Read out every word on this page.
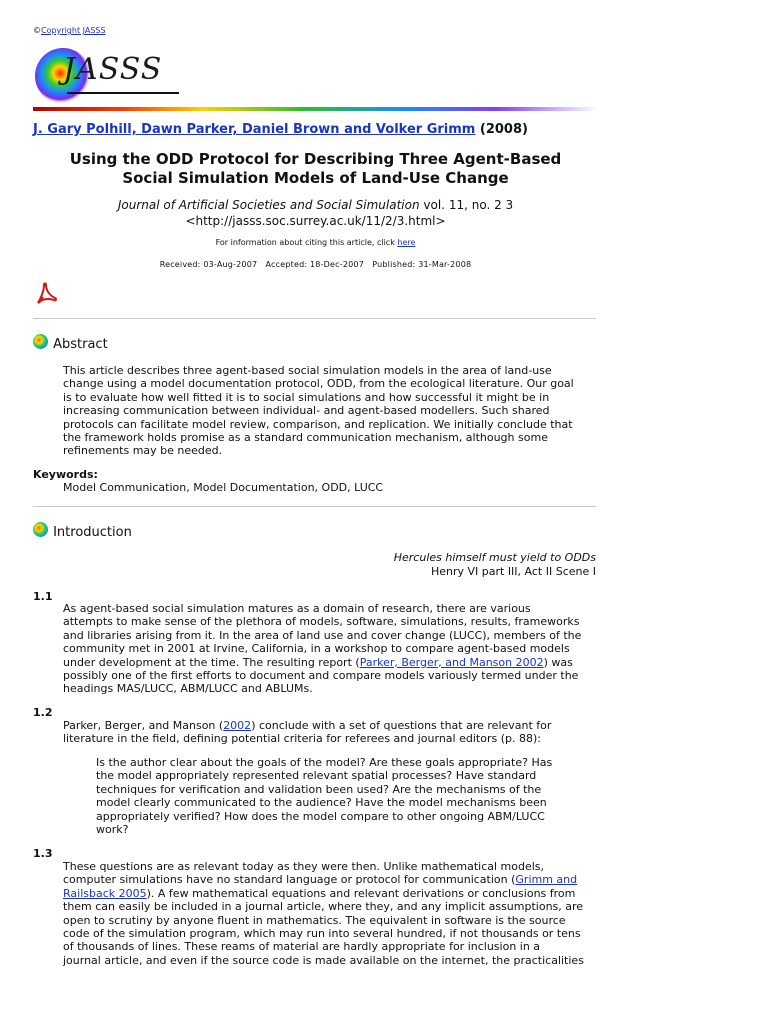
©Copyright JASSS
JASSS
J. Gary Polhill, Dawn Parker, Daniel Brown and Volker Grimm (2008)
Using the ODD Protocol for Describing Three Agent-Based
Social Simulation Models of Land-Use Change
Journal of Artificial Societies and Social Simulation vol. 11, no. 2 3
<http://jasss.soc.surrey.ac.uk/11/2/3.html>
For information about citing this article, click here
Received: 03-Aug-2007   Accepted: 18-Dec-2007   Published: 31-Mar-2008
Abstract
This article describes three agent-based social simulation models in the area of land-use
change using a model documentation protocol, ODD, from the ecological literature. Our goal
is to evaluate how well fitted it is to social simulations and how successful it might be in
increasing communication between individual- and agent-based modellers. Such shared
protocols can facilitate model review, comparison, and replication. We initially conclude that
the framework holds promise as a standard communication mechanism, although some
refinements may be needed.
Keywords:
Model Communication, Model Documentation, ODD, LUCC
Introduction
Hercules himself must yield to ODDs
Henry VI part III, Act II Scene I
1.1
As agent-based social simulation matures as a domain of research, there are various
attempts to make sense of the plethora of models, software, simulations, results, frameworks
and libraries arising from it. In the area of land use and cover change (LUCC), members of the
community met in 2001 at Irvine, California, in a workshop to compare agent-based models
under development at the time. The resulting report (Parker, Berger, and Manson 2002) was
possibly one of the first efforts to document and compare models variously termed under the
headings MAS/LUCC, ABM/LUCC and ABLUMs.
1.2
Parker, Berger, and Manson (2002) conclude with a set of questions that are relevant for
literature in the field, defining potential criteria for referees and journal editors (p. 88):
Is the author clear about the goals of the model? Are these goals appropriate? Has
the model appropriately represented relevant spatial processes? Have standard
techniques for verification and validation been used? Are the mechanisms of the
model clearly communicated to the audience? Have the model mechanisms been
appropriately verified? How does the model compare to other ongoing ABM/LUCC
work?
1.3
These questions are as relevant today as they were then. Unlike mathematical models,
computer simulations have no standard language or protocol for communication (Grimm and
Railsback 2005). A few mathematical equations and relevant derivations or conclusions from
them can easily be included in a journal article, where they, and any implicit assumptions, are
open to scrutiny by anyone fluent in mathematics. The equivalent in software is the source
code of the simulation program, which may run into several hundred, if not thousands or tens
of thousands of lines. These reams of material are hardly appropriate for inclusion in a
journal article, and even if the source code is made available on the internet, the practicalities
